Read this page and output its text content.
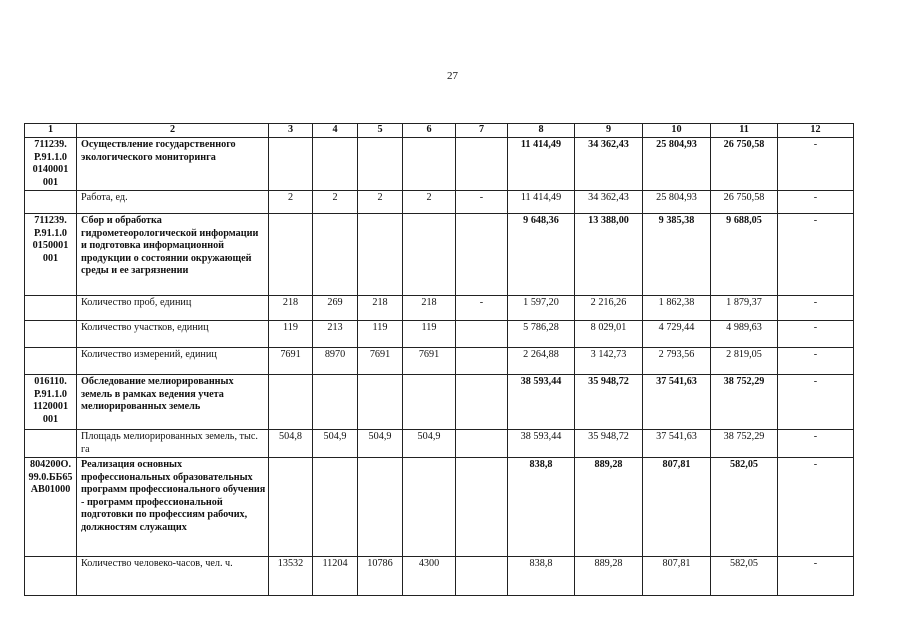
27
1	2	3	4	5	6	7	8	9	10	11	12
711239.
Р.91.1.0
0140001
001	Осуществление государственного экологического мониторинга						11 414,49	34 362,43	25 804,93	26 750,58	-
	Работа, ед.	2	2	2	2	-	11 414,49	34 362,43	25 804,93	26 750,58	-
711239.
Р.91.1.0
0150001
001	Сбор и обработка гидрометеорологической информации и подготовка информационной продукции о состоянии окружающей среды и ее загрязнении						9 648,36	13 388,00	9 385,38	9 688,05	-
	Количество проб, единиц	218	269	218	218	-	1 597,20	2 216,26	1 862,38	1 879,37	-
	Количество участков, единиц	119	213	119	119		5 786,28	8 029,01	4 729,44	4 989,63	-
	Количество измерений, единиц	7691	8970	7691	7691		2 264,88	3 142,73	2 793,56	2 819,05	-
016110.
Р.91.1.0
1120001
001	Обследование мелиорированных земель в рамках ведения учета мелиорированных земель						38 593,44	35 948,72	37 541,63	38 752,29	-
	Площадь мелиорированных земель, тыс. га	504,8	504,9	504,9	504,9		38 593,44	35 948,72	37 541,63	38 752,29	-
804200О.
99.0.ББ65
АВ01000	Реализация основных профессиональных образовательных программ профессионального обучения - программ профессиональной подготовки по профессиям рабочих, должностям служащих						838,8	889,28	807,81	582,05	-
	Количество человеко-часов, чел. ч.	13532	11204	10786	4300		838,8	889,28	807,81	582,05	-
